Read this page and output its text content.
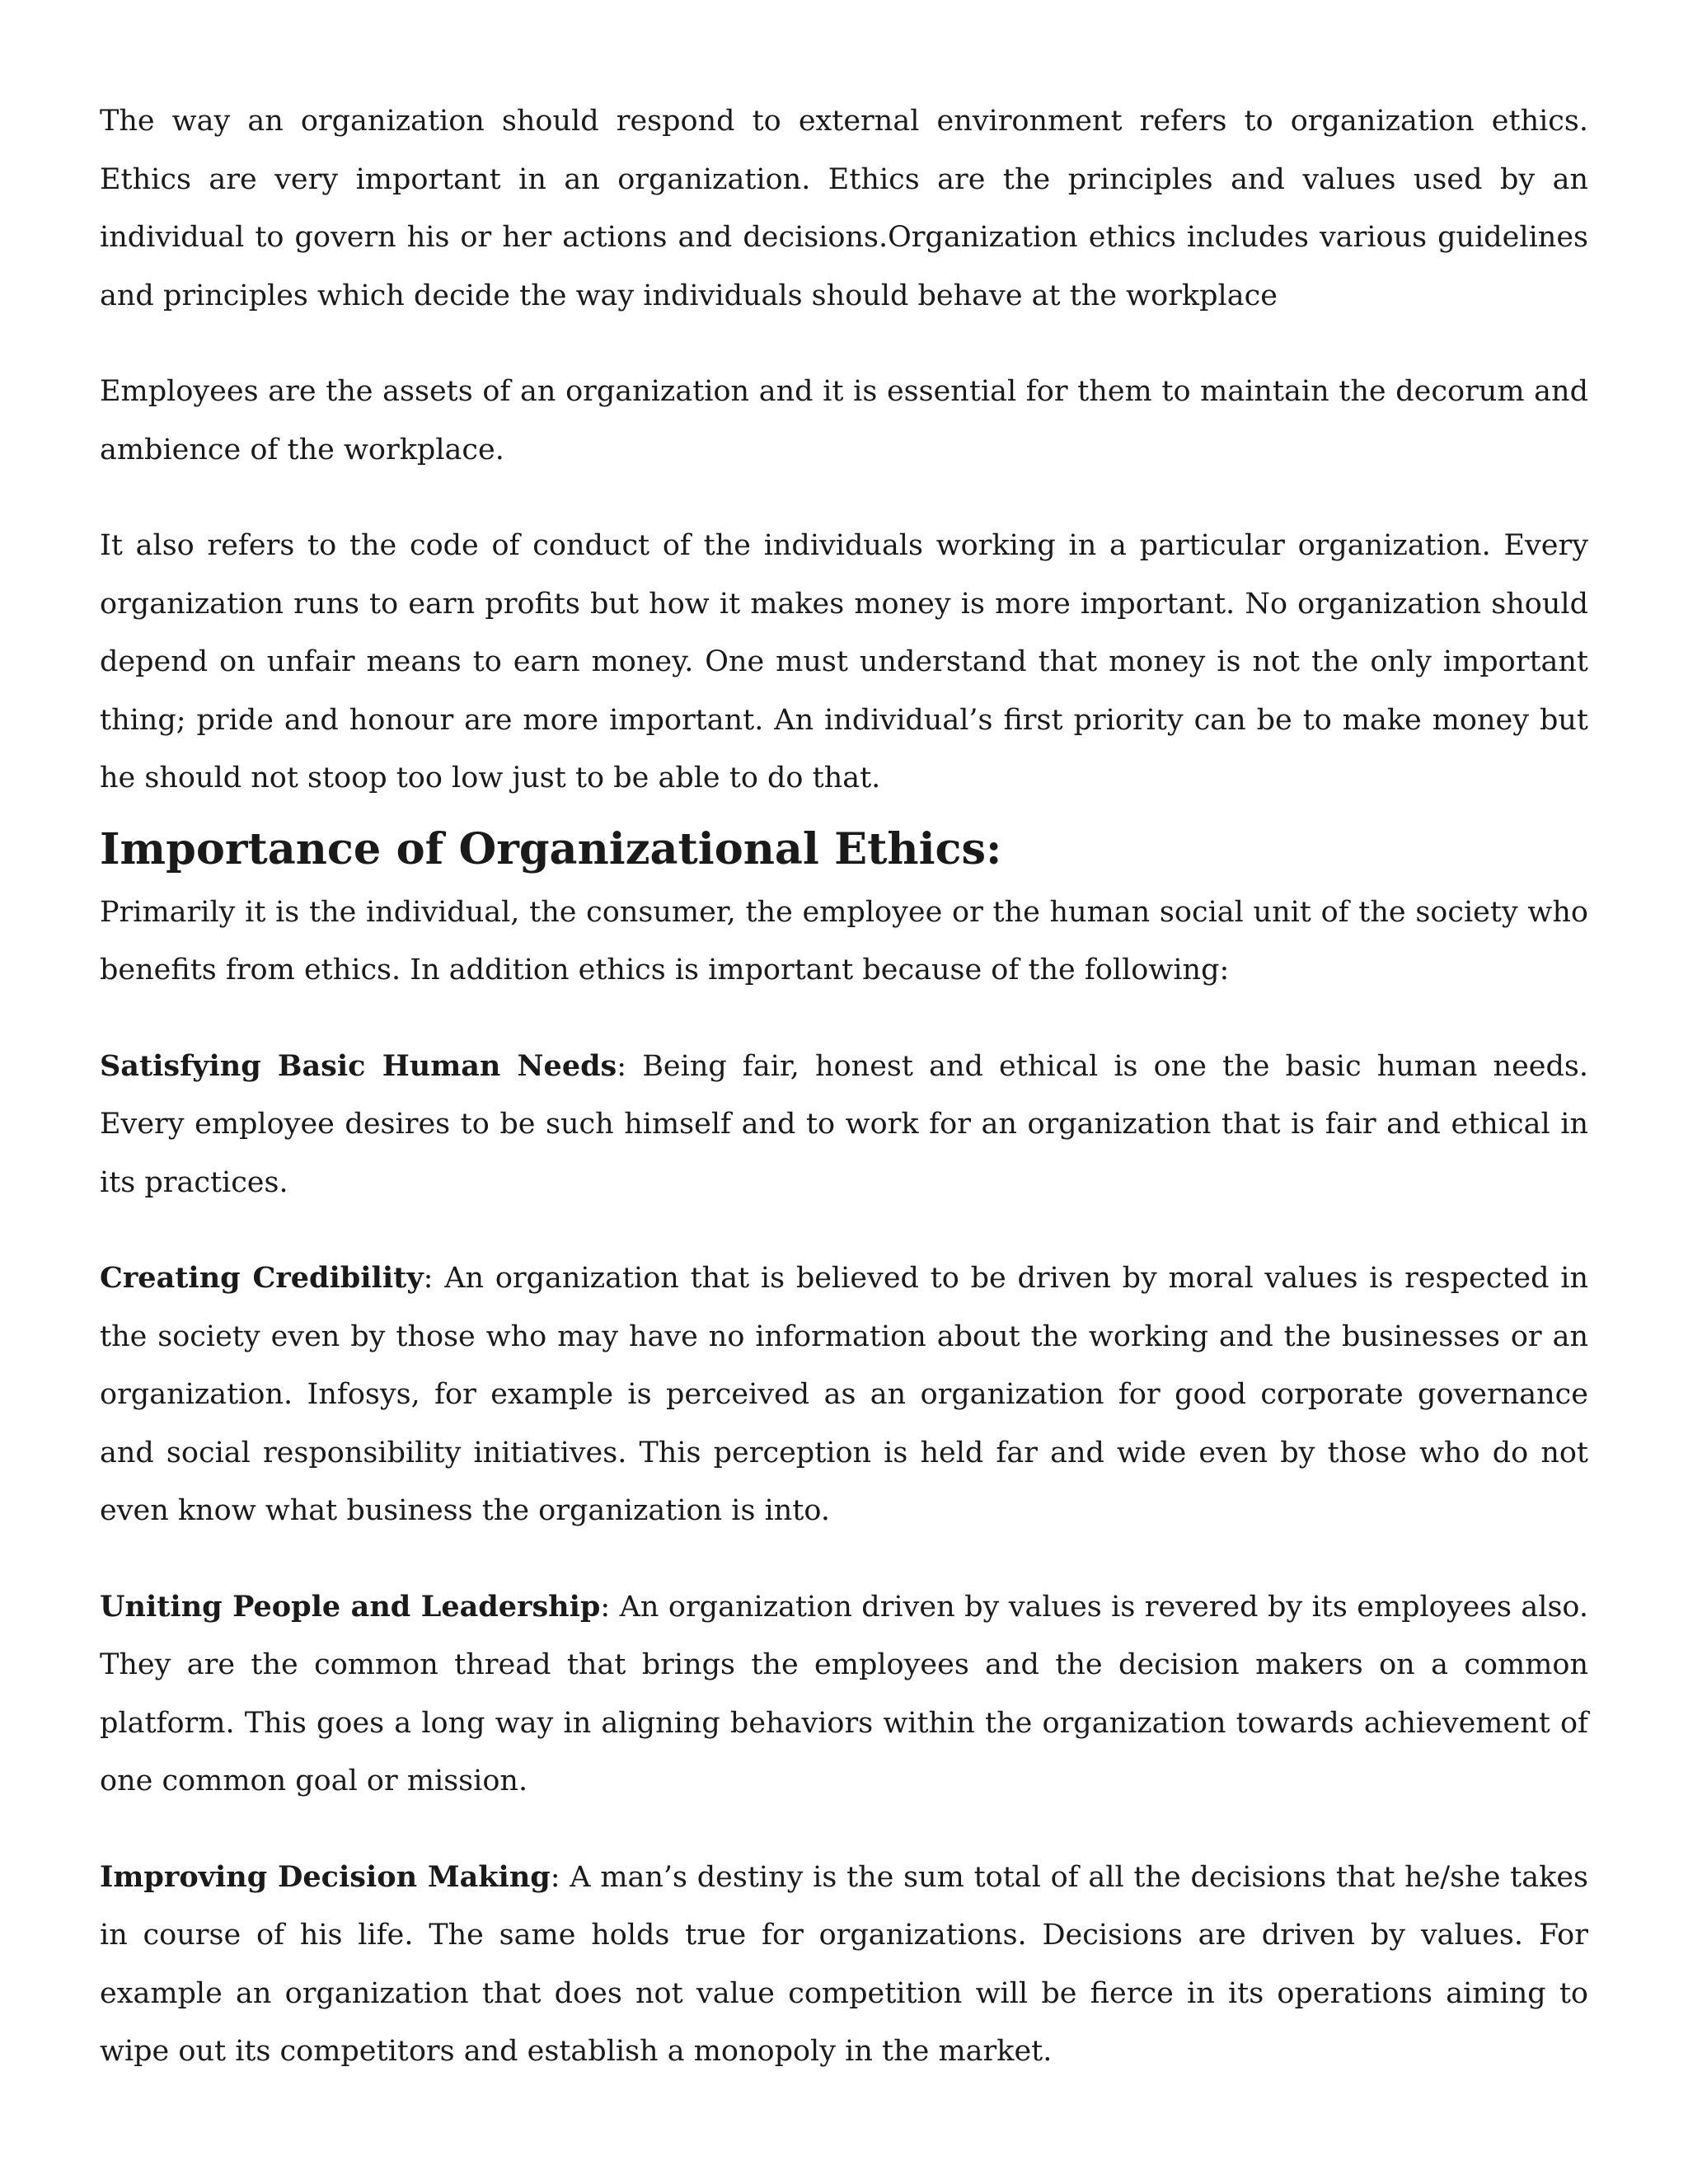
The way an organization should respond to external environment refers to organization ethics. Ethics are very important in an organization. Ethics are the principles and values used by an individual to govern his or her actions and decisions.Organization ethics includes various guidelines and principles which decide the way individuals should behave at the workplace

Employees are the assets of an organization and it is essential for them to maintain the decorum and ambience of the workplace.

It also refers to the code of conduct of the individuals working in a particular organization. Every organization runs to earn profits but how it makes money is more important. No organization should depend on unfair means to earn money. One must understand that money is not the only important thing; pride and honour are more important. An individual’s first priority can be to make money but he should not stoop too low just to be able to do that.

Importance of Organizational Ethics:

Primarily it is the individual, the consumer, the employee or the human social unit of the society who benefits from ethics. In addition ethics is important because of the following:

Satisfying Basic Human Needs: Being fair, honest and ethical is one the basic human needs. Every employee desires to be such himself and to work for an organization that is fair and ethical in its practices.

Creating Credibility: An organization that is believed to be driven by moral values is respected in the society even by those who may have no information about the working and the businesses or an organization. Infosys, for example is perceived as an organization for good corporate governance and social responsibility initiatives. This perception is held far and wide even by those who do not even know what business the organization is into.

Uniting People and Leadership: An organization driven by values is revered by its employees also. They are the common thread that brings the employees and the decision makers on a common platform. This goes a long way in aligning behaviors within the organization towards achievement of one common goal or mission.

Improving Decision Making: A man’s destiny is the sum total of all the decisions that he/she takes in course of his life. The same holds true for organizations. Decisions are driven by values. For example an organization that does not value competition will be fierce in its operations aiming to wipe out its competitors and establish a monopoly in the market.
